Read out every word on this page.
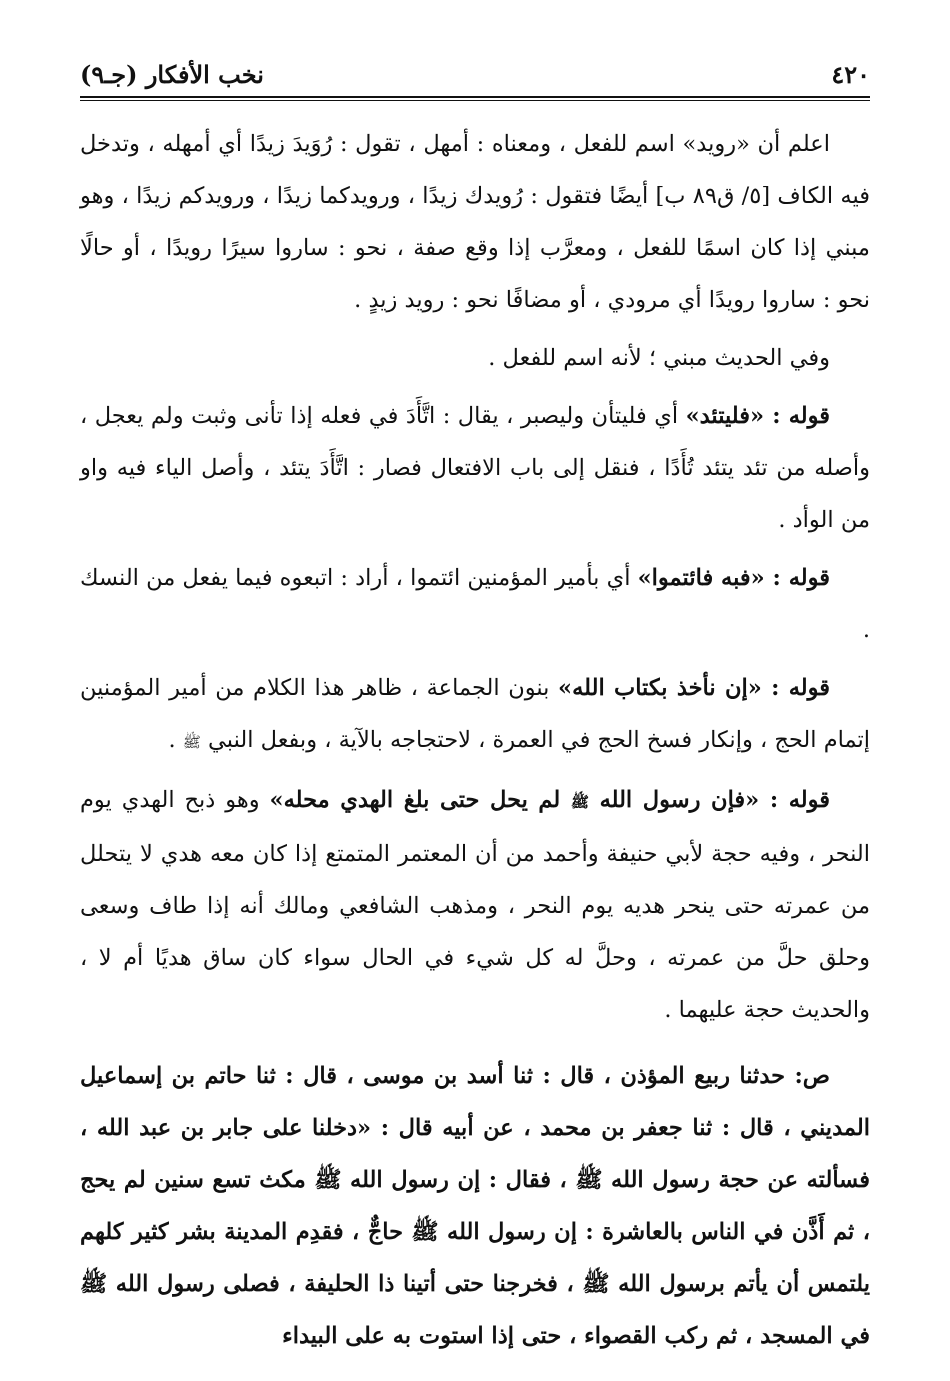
٤٢٠
نخب الأفكار (جـ٩)

اعلم أن «رويد» اسم للفعل ، ومعناه : أمهل ، تقول : رُوَيدَ زيدًا أي أمهله ، وتدخل فيه الكاف [٥/ ق٨٩ ب] أيضًا فتقول : رُويدك زيدًا ، ورويدكما زيدًا ، ورويدكم زيدًا ، وهو مبني إذا كان اسمًا للفعل ، ومعرَّب إذا وقع صفة ، نحو : ساروا سيرًا رويدًا ، أو حالًا نحو : ساروا رويدًا أي مرودي ، أو مضافًا نحو : رويد زيدٍ .

وفي الحديث مبني ؛ لأنه اسم للفعل .

قوله : «فليتئد» أي فليتأن وليصبر ، يقال : اتَّأَدَ في فعله إذا تأنى وثبت ولم يعجل ، وأصله من تئد يتئد تُأَدًا ، فنقل إلى باب الافتعال فصار : اتَّأَدَ يتئد ، وأصل الياء فيه واو من الوأد .

قوله : «فبه فائتموا» أي بأمير المؤمنين ائتموا ، أراد : اتبعوه فيما يفعل من النسك .

قوله : «إن نأخذ بكتاب الله» بنون الجماعة ، ظاهر هذا الكلام من أمير المؤمنين إتمام الحج ، وإنكار فسخ الحج في العمرة ، لاحتجاجه بالآية ، وبفعل النبي ﷺ .

قوله : «فإن رسول الله ﷺ لم يحل حتى بلغ الهدي محله» وهو ذبح الهدي يوم النحر ، وفيه حجة لأبي حنيفة وأحمد من أن المعتمر المتمتع إذا كان معه هدي لا يتحلل من عمرته حتى ينحر هديه يوم النحر ، ومذهب الشافعي ومالك أنه إذا طاف وسعى وحلق حلَّ من عمرته ، وحلَّ له كل شيء في الحال سواء كان ساق هديًا أم لا ، والحديث حجة عليهما .

ص: حدثنا ربيع المؤذن ، قال : ثنا أسد بن موسى ، قال : ثنا حاتم بن إسماعيل المديني ، قال : ثنا جعفر بن محمد ، عن أبيه قال : «دخلنا على جابر بن عبد الله ، فسألته عن حجة رسول الله ﷺ ، فقال : إن رسول الله ﷺ مكث تسع سنين لم يحج ، ثم أَذَّن في الناس بالعاشرة : إن رسول الله ﷺ حاجٌّ ، فقدِم المدينة بشر كثير كلهم يلتمس أن يأتم برسول الله ﷺ ، فخرجنا حتى أتينا ذا الحليفة ، فصلى رسول الله ﷺ في المسجد ، ثم ركب القصواء ، حتى إذا استوت به على البيداء
